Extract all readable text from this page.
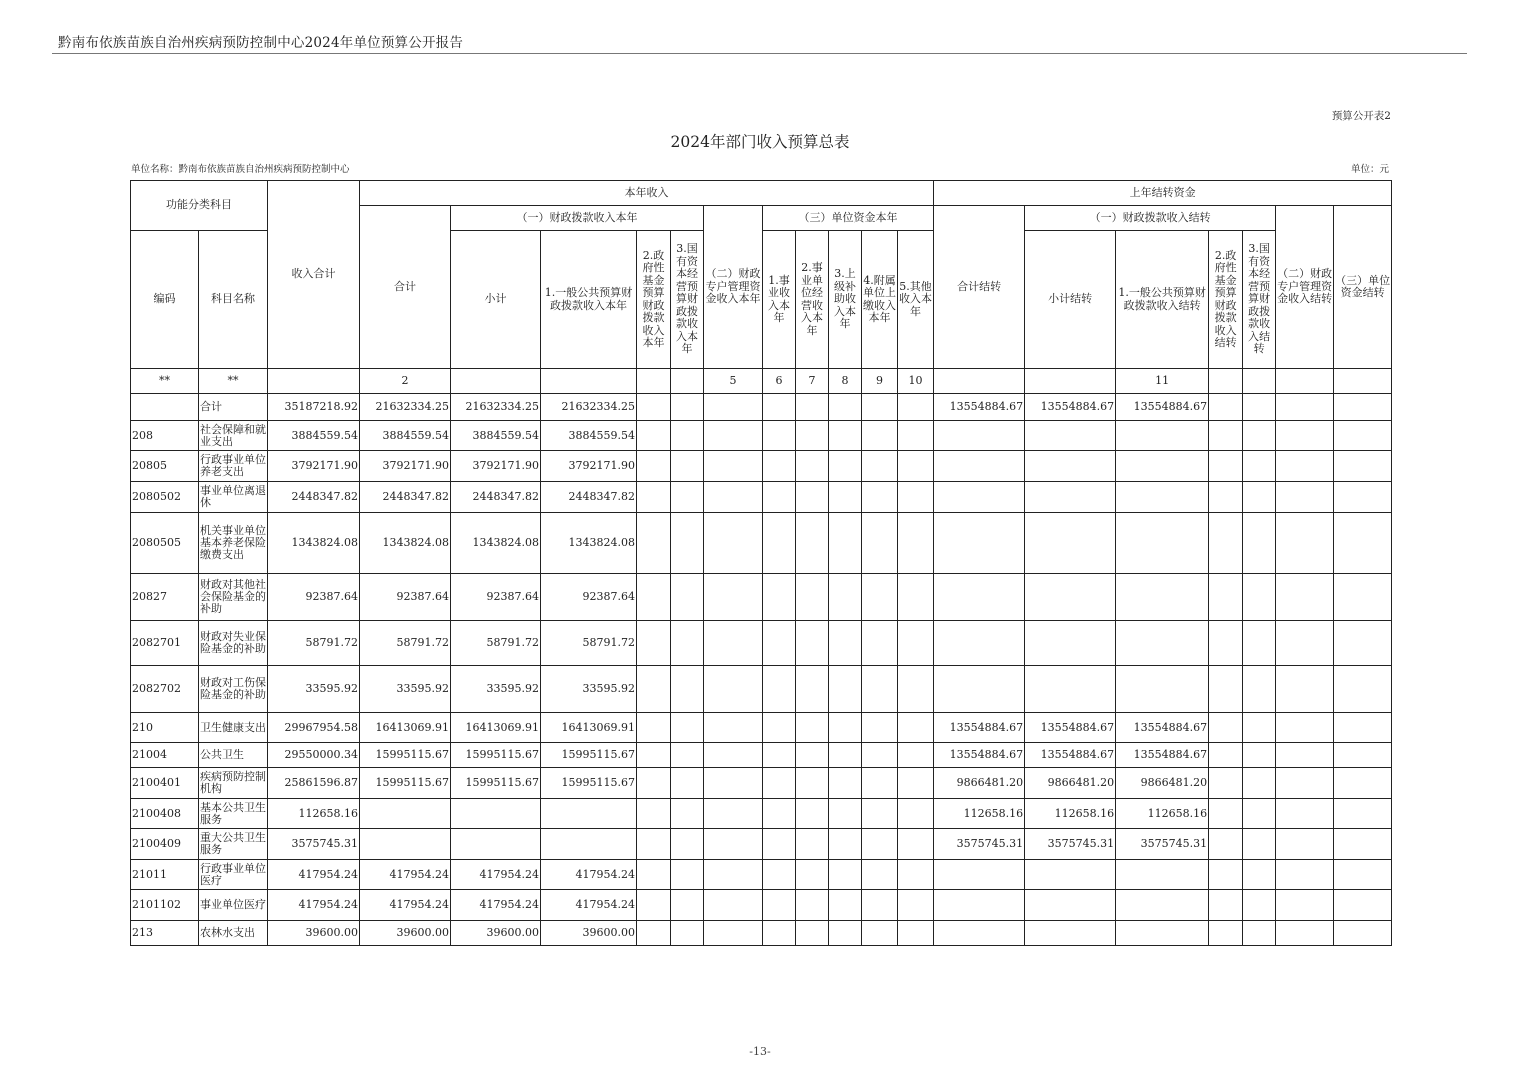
黔南布依族苗族自治州疾病预防控制中心2024年单位预算公开报告
预算公开表2
2024年部门收入预算总表
单位名称：黔南布依族苗族自治州疾病预防控制中心	单位：元
功能分类科目		收入合计	本年收入											上年结转资金						
			合计	（一）财政拨款收入本年				（二）财政专户管理资金收入本年	（三）单位资金本年					合计结转	（一）财政拨款收入结转				（二）财政专户管理资金收入结转	（三）单位资金结转
编码	科目名称			小计	1.一般公共预算财政拨款收入本年	2.政府性基金预算财政拨款收入本年	3.国有资本经营预算财政拨款收入本年		1.事业收入本年	2.事业单位经营收入本年	3.上级补助收入本年	4.附属单位上缴收入本年	5.其他收入本年		小计结转	1.一般公共预算财政拨款收入结转	2.政府性基金预算财政拨款收入结转	3.国有资本经营预算财政拨款收入结转		
**	**		2					5	6	7	8	9	10			11				
	合计	35187218.92	21632334.25	21632334.25	21632334.25									13554884.67	13554884.67	13554884.67				
208	社会保障和就业支出	3884559.54	3884559.54	3884559.54	3884559.54															
20805	行政事业单位养老支出	3792171.90	3792171.90	3792171.90	3792171.90															
2080502	事业单位离退休	2448347.82	2448347.82	2448347.82	2448347.82															
2080505	机关事业单位基本养老保险缴费支出	1343824.08	1343824.08	1343824.08	1343824.08															
20827	财政对其他社会保险基金的补助	92387.64	92387.64	92387.64	92387.64															
2082701	财政对失业保险基金的补助	58791.72	58791.72	58791.72	58791.72															
2082702	财政对工伤保险基金的补助	33595.92	33595.92	33595.92	33595.92															
210	卫生健康支出	29967954.58	16413069.91	16413069.91	16413069.91									13554884.67	13554884.67	13554884.67				
21004	公共卫生	29550000.34	15995115.67	15995115.67	15995115.67									13554884.67	13554884.67	13554884.67				
2100401	疾病预防控制机构	25861596.87	15995115.67	15995115.67	15995115.67									9866481.20	9866481.20	9866481.20				
2100408	基本公共卫生服务	112658.16												112658.16	112658.16	112658.16				
2100409	重大公共卫生服务	3575745.31												3575745.31	3575745.31	3575745.31				
21011	行政事业单位医疗	417954.24	417954.24	417954.24	417954.24															
2101102	事业单位医疗	417954.24	417954.24	417954.24	417954.24															
213	农林水支出	39600.00	39600.00	39600.00	39600.00															
-13-
